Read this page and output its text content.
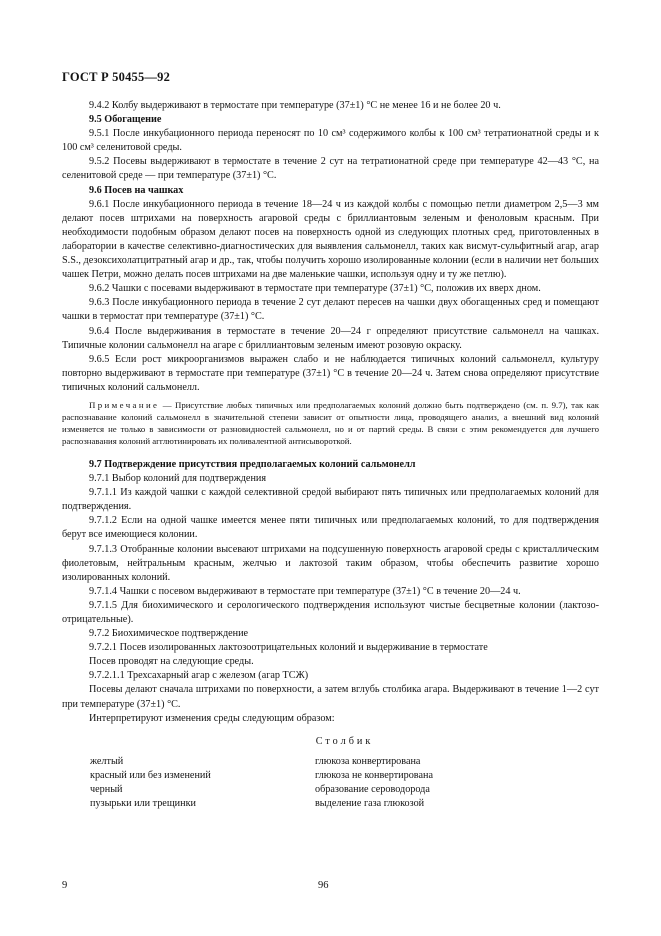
ГОСТ Р 50455—92

9.4.2 Колбу выдерживают в термостате при температуре (37±1) °С не менее 16 и не более 20 ч.

9.5 Обогащение

9.5.1 После инкубационного периода переносят по 10 см³ содержимого колбы к 100 см³ тетратионатной среды и к 100 см³ селенитовой среды.

9.5.2 Посевы выдерживают в термостате в течение 2 сут на тетратионатной среде при температуре 42—43 °С, на селенитовой среде — при температуре (37±1) °С.

9.6 Посев на чашках

9.6.1 После инкубационного периода в течение 18—24 ч из каждой колбы с помощью петли диаметром 2,5—3 мм делают посев штрихами на поверхность агаровой среды с бриллиантовым зеленым и феноловым красным. При необходимости подобным образом делают посев на поверхность одной из следующих плотных сред, приготовленных в лаборатории в качестве селективно-диагностических для выявления сальмонелл, таких как висмут-сульфитный агар, агар S.S., дезоксихолатцитратный агар и др., так, чтобы получить хорошо изолированные колонии (если в наличии нет больших чашек Петри, можно делать посев штрихами на две маленькие чашки, используя одну и ту же петлю).

9.6.2 Чашки с посевами выдерживают в термостате при температуре (37±1) °С, положив их вверх дном.

9.6.3 После инкубационного периода в течение 2 сут делают пересев на чашки двух обогащенных сред и помещают чашки в термостат при температуре (37±1) °С.

9.6.4 После выдерживания в термостате в течение 20—24 г определяют присутствие сальмонелл на чашках. Типичные колонии сальмонелл на агаре с бриллиантовым зеленым имеют розовую окраску.

9.6.5 Если рост микроорганизмов выражен слабо и не наблюдается типичных колоний сальмонелл, культуру повторно выдерживают в термостате при температуре (37±1) °С в течение 20—24 ч. Затем снова определяют присутствие типичных колоний сальмонелл.

Примечание — Присутствие любых типичных или предполагаемых колоний должно быть подтверждено (см. п. 9.7), так как распознавание колоний сальмонелл в значительной степени зависит от опытности лица, проводящего анализ, а внешний вид колоний изменяется не только в зависимости от разновидностей сальмонелл, но и от партий среды. В связи с этим рекомендуется для лучшего распознавания колоний агглютинировать их поливалентной антисывороткой.

9.7 Подтверждение присутствия предполагаемых колоний сальмонелл

9.7.1 Выбор колоний для подтверждения

9.7.1.1 Из каждой чашки с каждой селективной средой выбирают пять типичных или предполагаемых колоний для подтверждения.

9.7.1.2 Если на одной чашке имеется менее пяти типичных или предполагаемых колоний, то для подтверждения берут все имеющиеся колонии.

9.7.1.3 Отобранные колонии высевают штрихами на подсушенную поверхность агаровой среды с кристаллическим фиолетовым, нейтральным красным, желчью и лактозой таким образом, чтобы обеспечить развитие хорошо изолированных колоний.

9.7.1.4 Чашки с посевом выдерживают в термостате при температуре (37±1) °С в течение 20—24 ч.

9.7.1.5 Для биохимического и серологического подтверждения используют чистые бесцветные колонии (лактозо-отрицательные).

9.7.2 Биохимическое подтверждение

9.7.2.1 Посев изолированных лактозоотрицательных колоний и выдерживание в термостате

Посев проводят на следующие среды.

9.7.2.1.1 Трехсахарный агар с железом (агар ТСЖ)

Посевы делают сначала штрихами по поверхности, а затем вглубь столбика агара. Выдерживают в течение 1—2 сут при температуре (37±1) °С.

Интерпретируют изменения среды следующим образом:

Столбик
желтый	глюкоза конвертирована
красный или без изменений	глюкоза не конвертирована
черный	образование сероводорода
пузырьки или трещинки	выделение газа глюкозой
9	96
